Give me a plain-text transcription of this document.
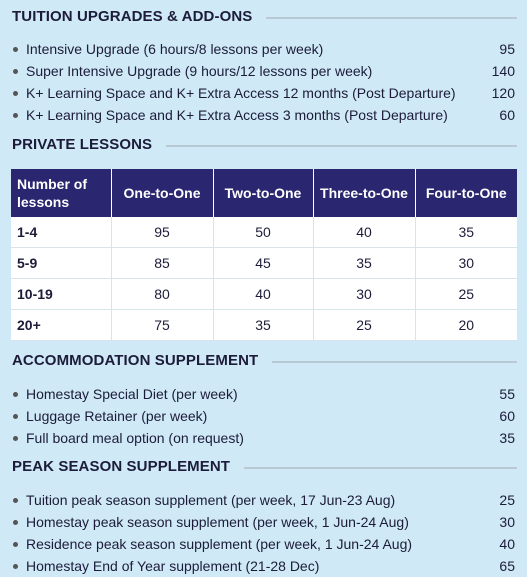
TUITION UPGRADES & ADD-ONS
Intensive Upgrade (6 hours/8 lessons per week)	95
Super Intensive Upgrade (9 hours/12 lessons per week)	140
K+ Learning Space and K+ Extra Access 12 months (Post Departure)	120
K+ Learning Space and K+ Extra Access 3 months (Post Departure)	60
PRIVATE LESSONS
Number of lessons	One-to-One	Two-to-One	Three-to-One	Four-to-One
1-4	95	50	40	35
5-9	85	45	35	30
10-19	80	40	30	25
20+	75	35	25	20
ACCOMMODATION SUPPLEMENT
Homestay Special Diet (per week)	55
Luggage Retainer (per week)	60
Full board meal option (on request)	35
PEAK SEASON SUPPLEMENT
Tuition peak season supplement (per week, 17 Jun-23 Aug)	25
Homestay peak season supplement (per week, 1 Jun-24 Aug)	30
Residence peak season supplement (per week, 1 Jun-24 Aug)	40
Homestay End of Year supplement (21-28 Dec)	65
